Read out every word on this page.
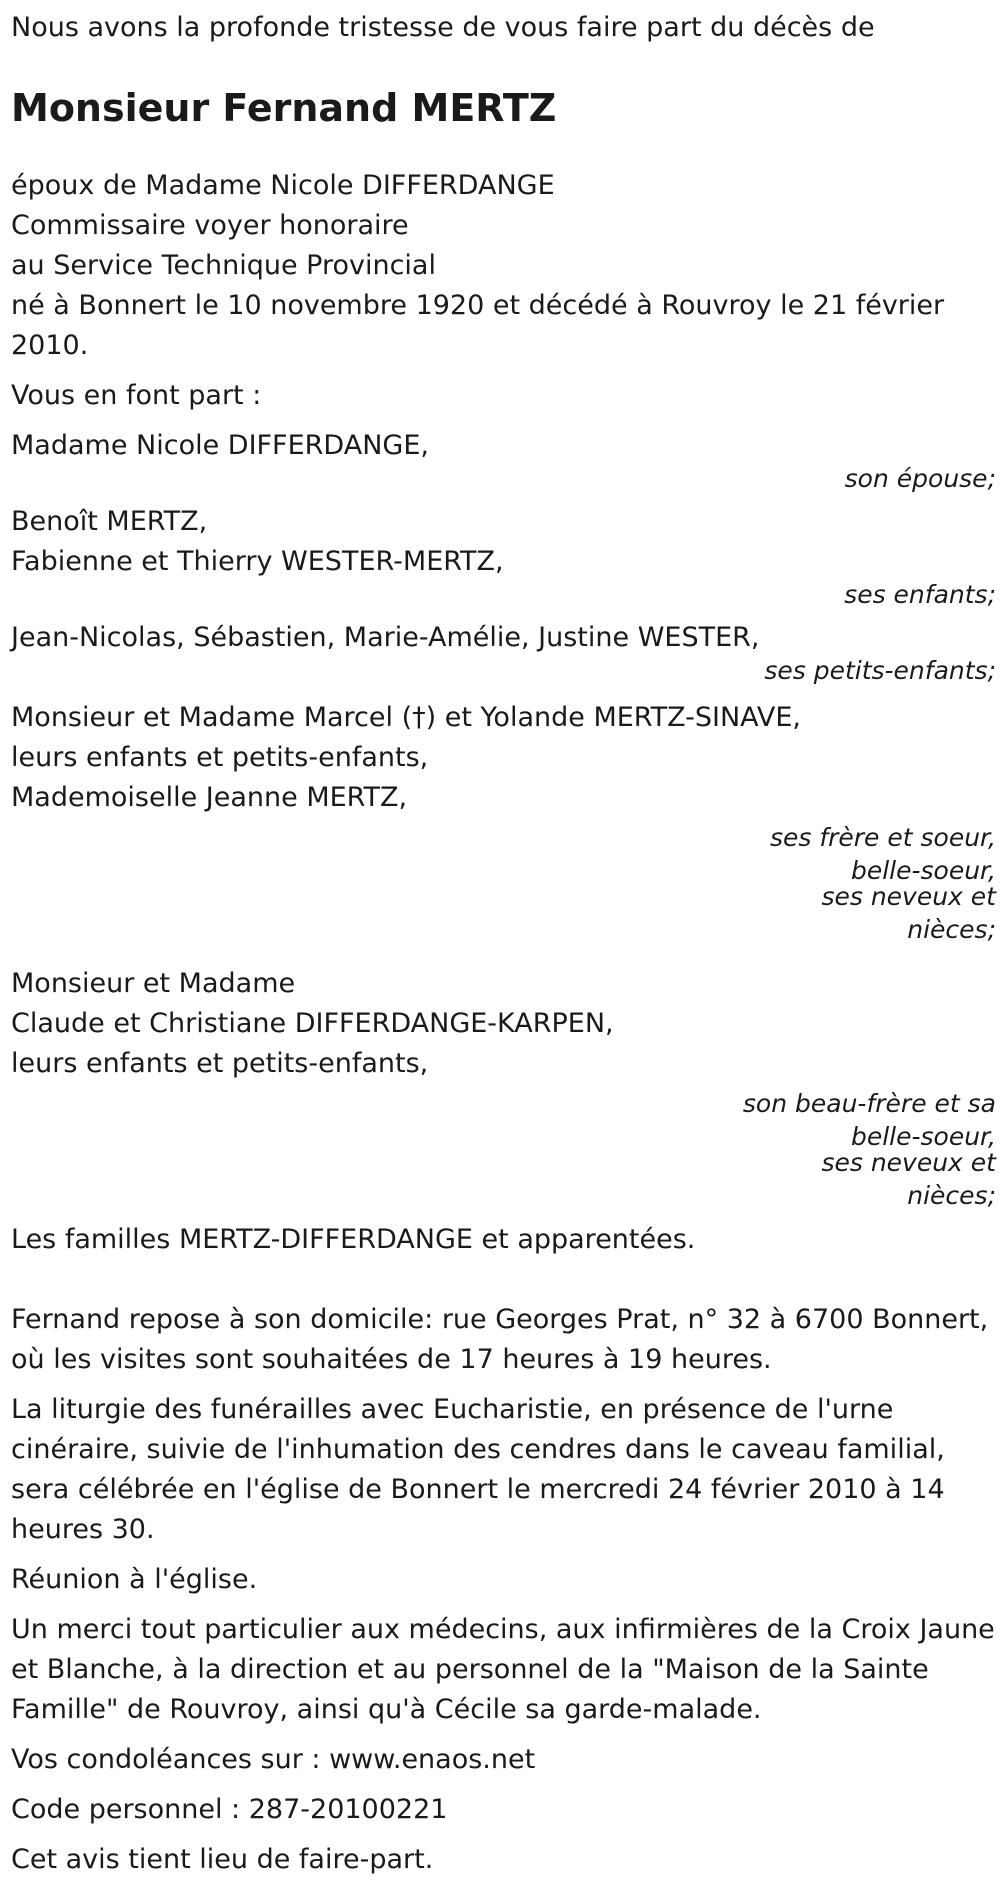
Nous avons la profonde tristesse de vous faire part du décès de

Monsieur Fernand MERTZ
époux de Madame Nicole DIFFERDANGE
Commissaire voyer honoraire
au Service Technique Provincial

né à Bonnert le 10 novembre 1920 et décédé à Rouvroy le 21 février 2010.

Vous en font part :
Madame Nicole DIFFERDANGE,
son épouse;
Benoît MERTZ,
Fabienne et Thierry WESTER-MERTZ,
ses enfants;
Jean-Nicolas, Sébastien, Marie-Amélie, Justine WESTER,
ses petits-enfants;
Monsieur et Madame Marcel (†) et Yolande MERTZ-SINAVE,
leurs enfants et petits-enfants,
Mademoiselle Jeanne MERTZ,
ses frère et soeur,
belle-soeur,
ses neveux et
nièces;
Monsieur et Madame
Claude et Christiane DIFFERDANGE-KARPEN,
leurs enfants et petits-enfants,
son beau-frère et sa
belle-soeur,
ses neveux et
nièces;
Les familles MERTZ-DIFFERDANGE et apparentées.

Fernand repose à son domicile: rue Georges Prat, n° 32 à 6700 Bonnert, où les visites sont souhaitées de 17 heures à 19 heures.

La liturgie des funérailles avec Eucharistie, en présence de l'urne cinéraire, suivie de l'inhumation des cendres dans le caveau familial, sera célébrée en l'église de Bonnert le mercredi 24 février 2010 à 14 heures 30.

Réunion à l'église.

Un merci tout particulier aux médecins, aux infirmières de la Croix Jaune et Blanche, à la direction et au personnel de la "Maison de la Sainte Famille" de Rouvroy, ainsi qu'à Cécile sa garde-malade.

Vos condoléances sur : www.enaos.net

Code personnel : 287-20100221

Cet avis tient lieu de faire-part.
